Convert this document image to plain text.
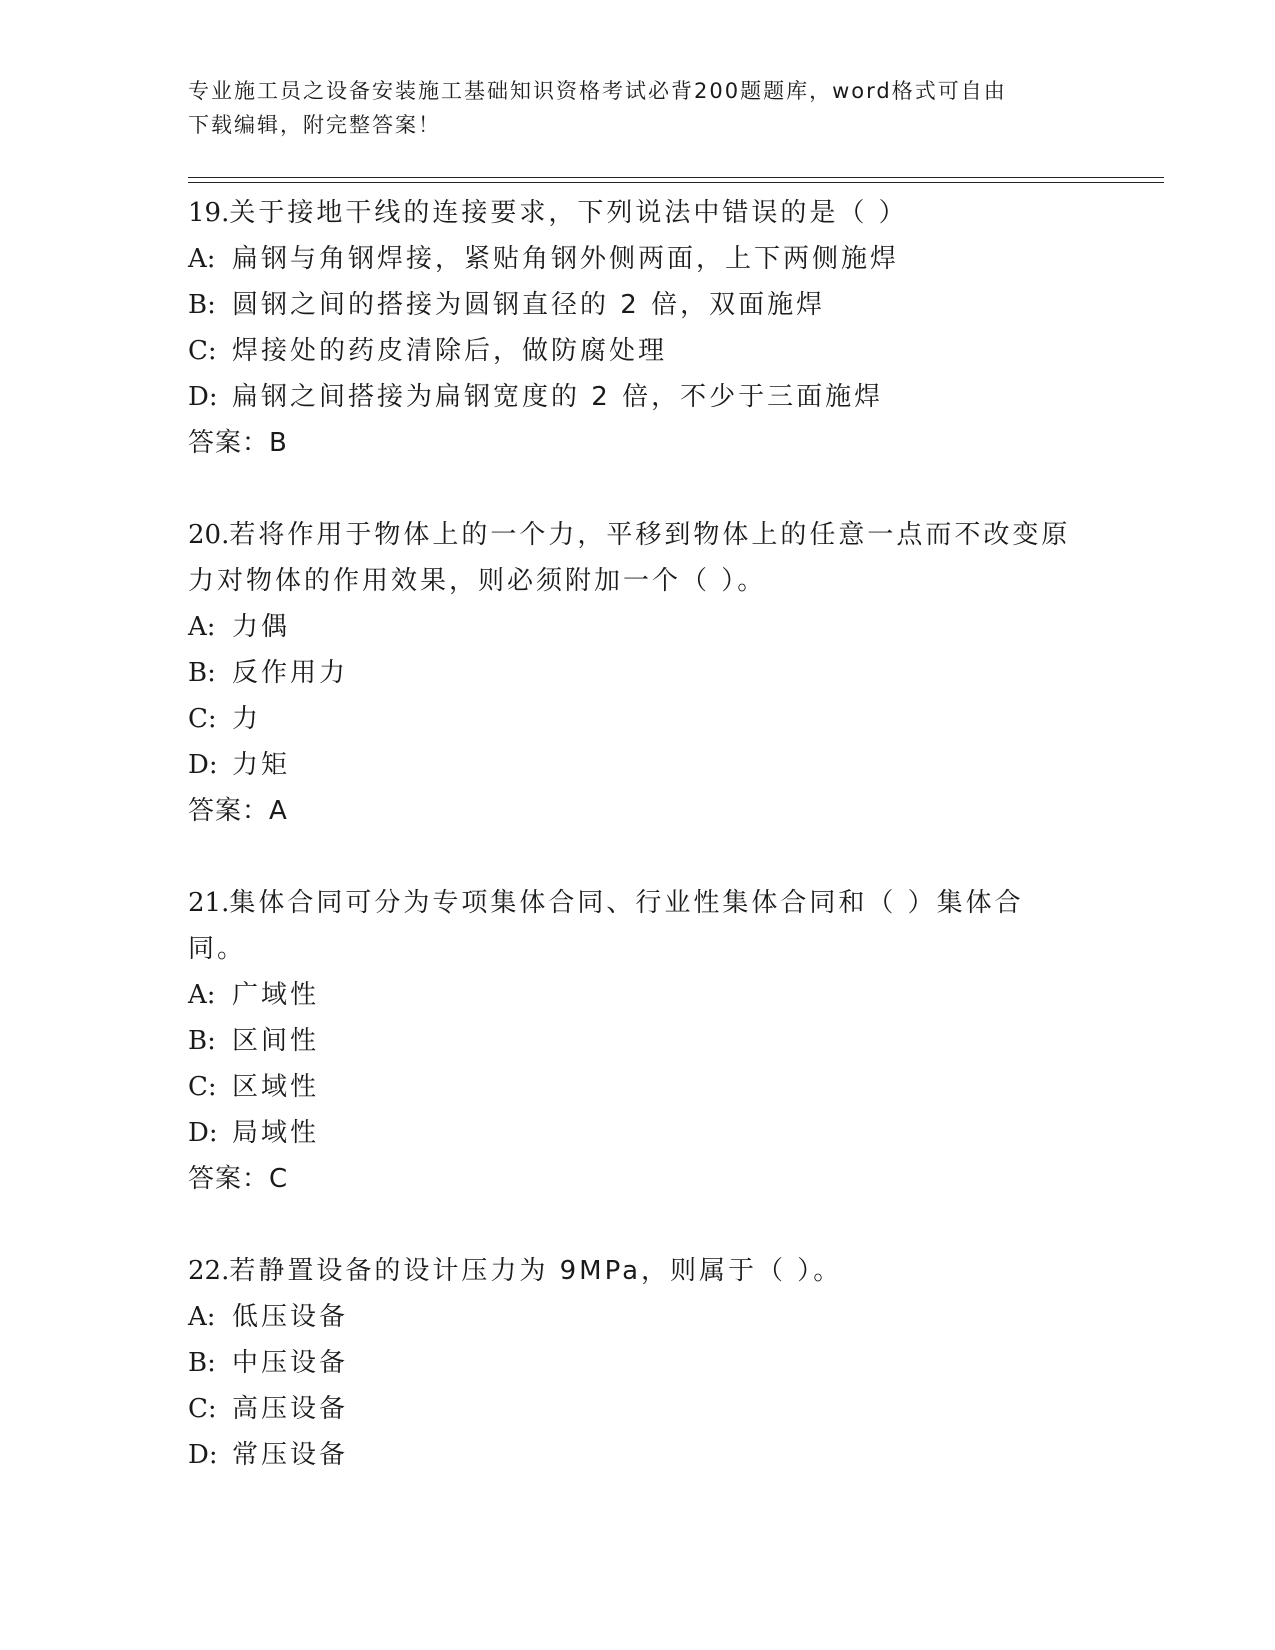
专业施工员之设备安装施工基础知识资格考试必背200题题库，word格式可自由
下载编辑，附完整答案！
19.关于接地干线的连接要求，下列说法中错误的是（ ）
A: 扁钢与角钢焊接，紧贴角钢外侧两面，上下两侧施焊
B: 圆钢之间的搭接为圆钢直径的 2 倍，双面施焊
C: 焊接处的药皮清除后，做防腐处理
D: 扁钢之间搭接为扁钢宽度的 2 倍，不少于三面施焊
答案：B
20.若将作用于物体上的一个力，平移到物体上的任意一点而不改变原力对物体的作用效果，则必须附加一个（ ）。
A: 力偶
B: 反作用力
C: 力
D: 力矩
答案：A
21.集体合同可分为专项集体合同、行业性集体合同和（ ）集体合同。
A: 广域性
B: 区间性
C: 区域性
D: 局域性
答案：C
22.若静置设备的设计压力为 9MPa，则属于（ ）。
A: 低压设备
B: 中压设备
C: 高压设备
D: 常压设备
